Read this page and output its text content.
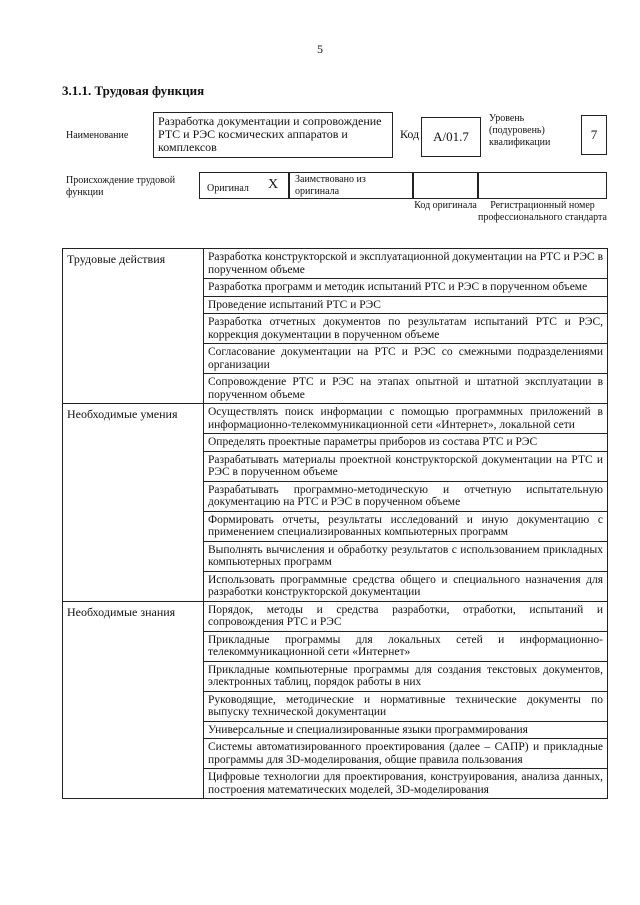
5
3.1.1. Трудовая функция
Наименование
Разработка документации и сопровождение РТС и РЭС космических аппаратов и комплексов
Код	A/01.7
Уровень (подуровень) квалификации
7
Происхождение трудовой функции	Оригинал X	Заимствовано из оригинала
Код оригинала	Регистрационный номер профессионального стандарта
Трудовые действия	Разработка конструкторской и эксплуатационной документации на РТС и РЭС в порученном объеме
	Разработка программ и методик испытаний РТС и РЭС в порученном объеме
	Проведение испытаний РТС и РЭС
	Разработка отчетных документов по результатам испытаний РТС и РЭС, коррекция документации в порученном объеме
	Согласование документации на РТС и РЭС со смежными подразделениями организации
	Сопровождение РТС и РЭС на этапах опытной и штатной эксплуатации в порученном объеме
Необходимые умения	Осуществлять поиск информации с помощью программных приложений в информационно-телекоммуникационной сети «Интернет», локальной сети
	Определять проектные параметры приборов из состава РТС и РЭС
	Разрабатывать материалы проектной конструкторской документации на РТС и РЭС в порученном объеме
	Разрабатывать программно-методическую и отчетную испытательную документацию на РТС и РЭС в порученном объеме
	Формировать отчеты, результаты исследований и иную документацию с применением специализированных компьютерных программ
	Выполнять вычисления и обработку результатов с использованием прикладных компьютерных программ
	Использовать программные средства общего и специального назначения для разработки конструкторской документации
Необходимые знания	Порядок, методы и средства разработки, отработки, испытаний и сопровождения РТС и РЭС
	Прикладные программы для локальных сетей и информационно-телекоммуникационной сети «Интернет»
	Прикладные компьютерные программы для создания текстовых документов, электронных таблиц, порядок работы в них
	Руководящие, методические и нормативные технические документы по выпуску технической документации
	Универсальные и специализированные языки программирования
	Системы автоматизированного проектирования (далее – САПР) и прикладные программы для 3D-моделирования, общие правила пользования
	Цифровые технологии для проектирования, конструирования, анализа данных, построения математических моделей, 3D-моделирования
